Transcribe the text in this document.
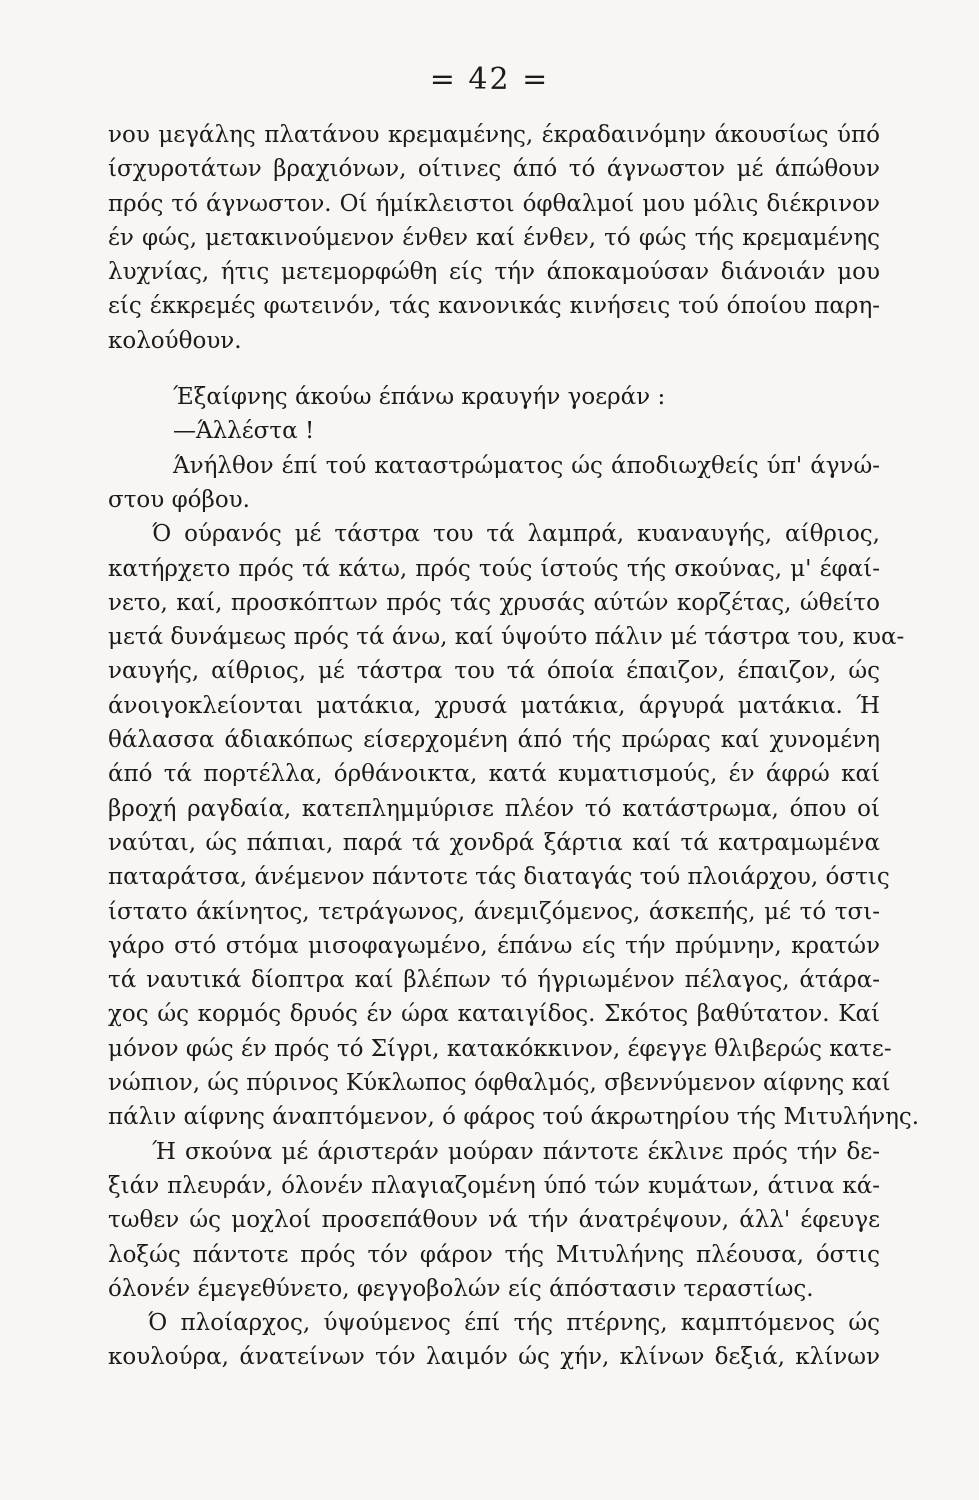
= 42 =
νου μεγάλης πλατάνου κρεμαμένης, έκραδαινόμην άκουσίως ύπό
ίσχυροτάτων βραχιόνων, οίτινες άπό τό άγνωστον μέ άπώθουν
πρός τό άγνωστον. Οί ήμίκλειστοι όφθαλμοί μου μόλις διέκρινον
έν φώς, μετακινούμενον ένθεν καί ένθεν, τό φώς τής κρεμαμένης
λυχνίας, ήτις μετεμορφώθη είς τήν άποκαμούσαν διάνοιάν μου
είς έκκρεμές φωτεινόν, τάς κανονικάς κινήσεις τού όποίου παρη-
κολούθουν.
Έξαίφνης άκούω έπάνω κραυγήν γοεράν :
—Άλλέστα !
Άνήλθον έπί τού καταστρώματος ώς άποδιωχθείς ύπ' άγνώ-
στου φόβου.
Ό ούρανός μέ τάστρα του τά λαμπρά, κυαναυγής, αίθριος,
κατήρχετο πρός τά κάτω, πρός τούς ίστούς τής σκούνας, μ' έφαί-
νετο, καί, προσκόπτων πρός τάς χρυσάς αύτών κορζέτας, ώθείτο
μετά δυνάμεως πρός τά άνω, καί ύψούτο πάλιν μέ τάστρα του, κυα-
ναυγής, αίθριος, μέ τάστρα του τά όποία έπαιζον, έπαιζον, ώς
άνοιγοκλείονται ματάκια, χρυσά ματάκια, άργυρά ματάκια. Ή
θάλασσα άδιακόπως είσερχομένη άπό τής πρώρας καί χυνομένη
άπό τά πορτέλλα, όρθάνοικτα, κατά κυματισμούς, έν άφρώ καί
βροχή ραγδαία, κατεπλημμύρισε πλέον τό κατάστρωμα, όπου οί
ναύται, ώς πάπιαι, παρά τά χονδρά ξάρτια καί τά κατραμωμένα
παταράτσα, άνέμενον πάντοτε τάς διαταγάς τού πλοιάρχου, όστις
ίστατο άκίνητος, τετράγωνος, άνεμιζόμενος, άσκεπής, μέ τό τσι-
γάρο στό στόμα μισοφαγωμένο, έπάνω είς τήν πρύμνην, κρατών
τά ναυτικά δίοπτρα καί βλέπων τό ήγριωμένον πέλαγος, άτάρα-
χος ώς κορμός δρυός έν ώρα καταιγίδος. Σκότος βαθύτατον. Καί
μόνον φώς έν πρός τό Σίγρι, κατακόκκινον, έφεγγε θλιβερώς κατε-
νώπιον, ώς πύρινος Κύκλωπος όφθαλμός, σβεννύμενον αίφνης καί
πάλιν αίφνης άναπτόμενον, ό φάρος τού άκρωτηρίου τής Μιτυλήνης.
Ή σκούνα μέ άριστεράν μούραν πάντοτε έκλινε πρός τήν δε-
ξιάν πλευράν, όλονέν πλαγιαζομένη ύπό τών κυμάτων, άτινα κά-
τωθεν ώς μοχλοί προσεπάθουν νά τήν άνατρέψουν, άλλ' έφευγε
λοξώς πάντοτε πρός τόν φάρον τής Μιτυλήνης πλέουσα, όστις
όλονέν έμεγεθύνετο, φεγγοβολών είς άπόστασιν τεραστίως.
Ό πλοίαρχος, ύψούμενος έπί τής πτέρνης, καμπτόμενος ώς
κουλούρα, άνατείνων τόν λαιμόν ώς χήν, κλίνων δεξιά, κλίνων
